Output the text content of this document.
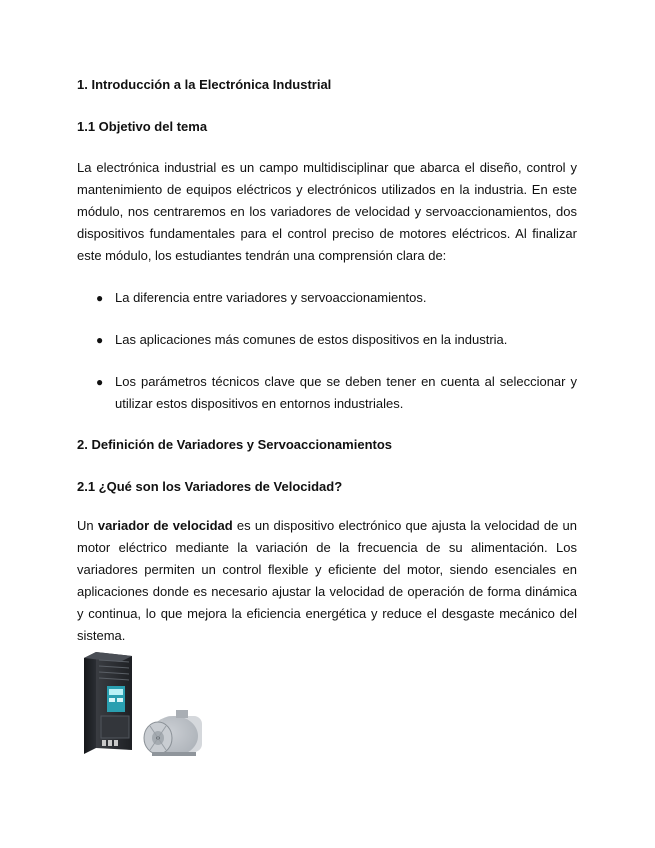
1. Introducción a la Electrónica Industrial
1.1 Objetivo del tema

La electrónica industrial es un campo multidisciplinar que abarca el diseño, control y mantenimiento de equipos eléctricos y electrónicos utilizados en la industria. En este módulo, nos centraremos en los variadores de velocidad y servoaccionamientos, dos dispositivos fundamentales para el control preciso de motores eléctricos. Al finalizar este módulo, los estudiantes tendrán una comprensión clara de:

● La diferencia entre variadores y servoaccionamientos.
● Las aplicaciones más comunes de estos dispositivos en la industria.
● Los parámetros técnicos clave que se deben tener en cuenta al seleccionar y utilizar estos dispositivos en entornos industriales.
2. Definición de Variadores y Servoaccionamientos
2.1 ¿Qué son los Variadores de Velocidad?

Un variador de velocidad es un dispositivo electrónico que ajusta la velocidad de un motor eléctrico mediante la variación de la frecuencia de su alimentación. Los variadores permiten un control flexible y eficiente del motor, siendo esenciales en aplicaciones donde es necesario ajustar la velocidad de operación de forma dinámica y continua, lo que mejora la eficiencia energética y reduce el desgaste mecánico del sistema.
